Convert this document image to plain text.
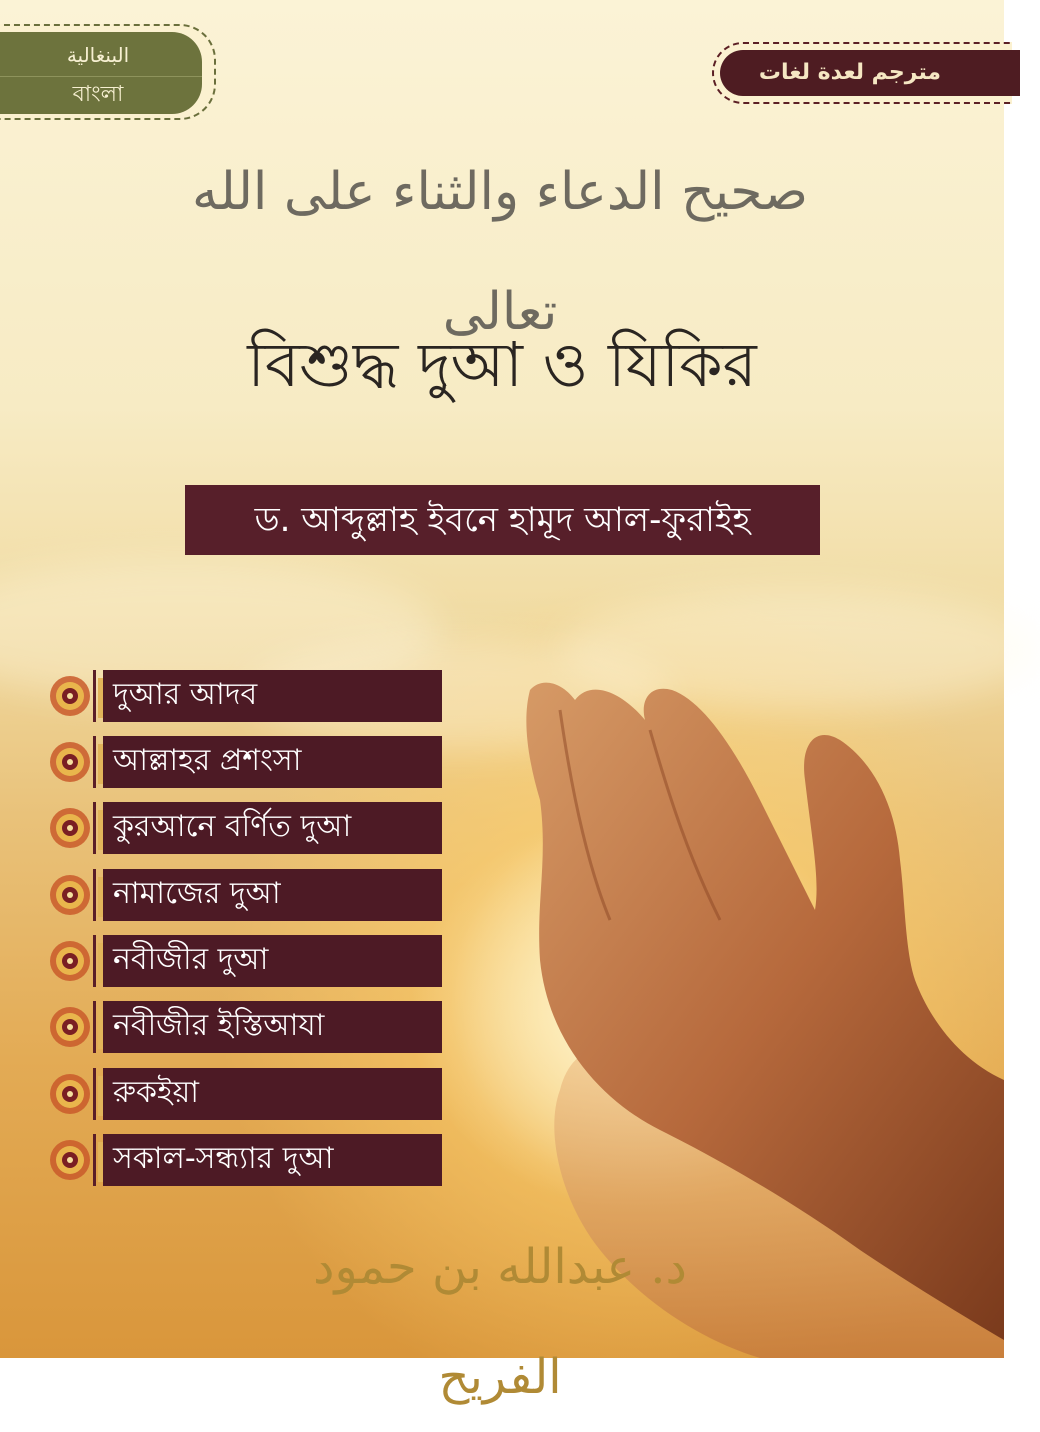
البنغالية
বাংলা
مترجم لعدة لغات
صحيح الدعاء والثناء على الله تعالى
বিশুদ্ধ দুআ ও যিকির
ড. আব্দুল্লাহ ইবনে হামূদ আল-ফুরাইহ
দুআর আদব
আল্লাহর প্রশংসা
কুরআনে বর্ণিত দুআ
নামাজের দুআ
নবীজীর দুআ
নবীজীর ইস্তিআযা
রুকইয়া
সকাল-সন্ধ্যার দুআ
د. عبدالله بن حمود الفريح
